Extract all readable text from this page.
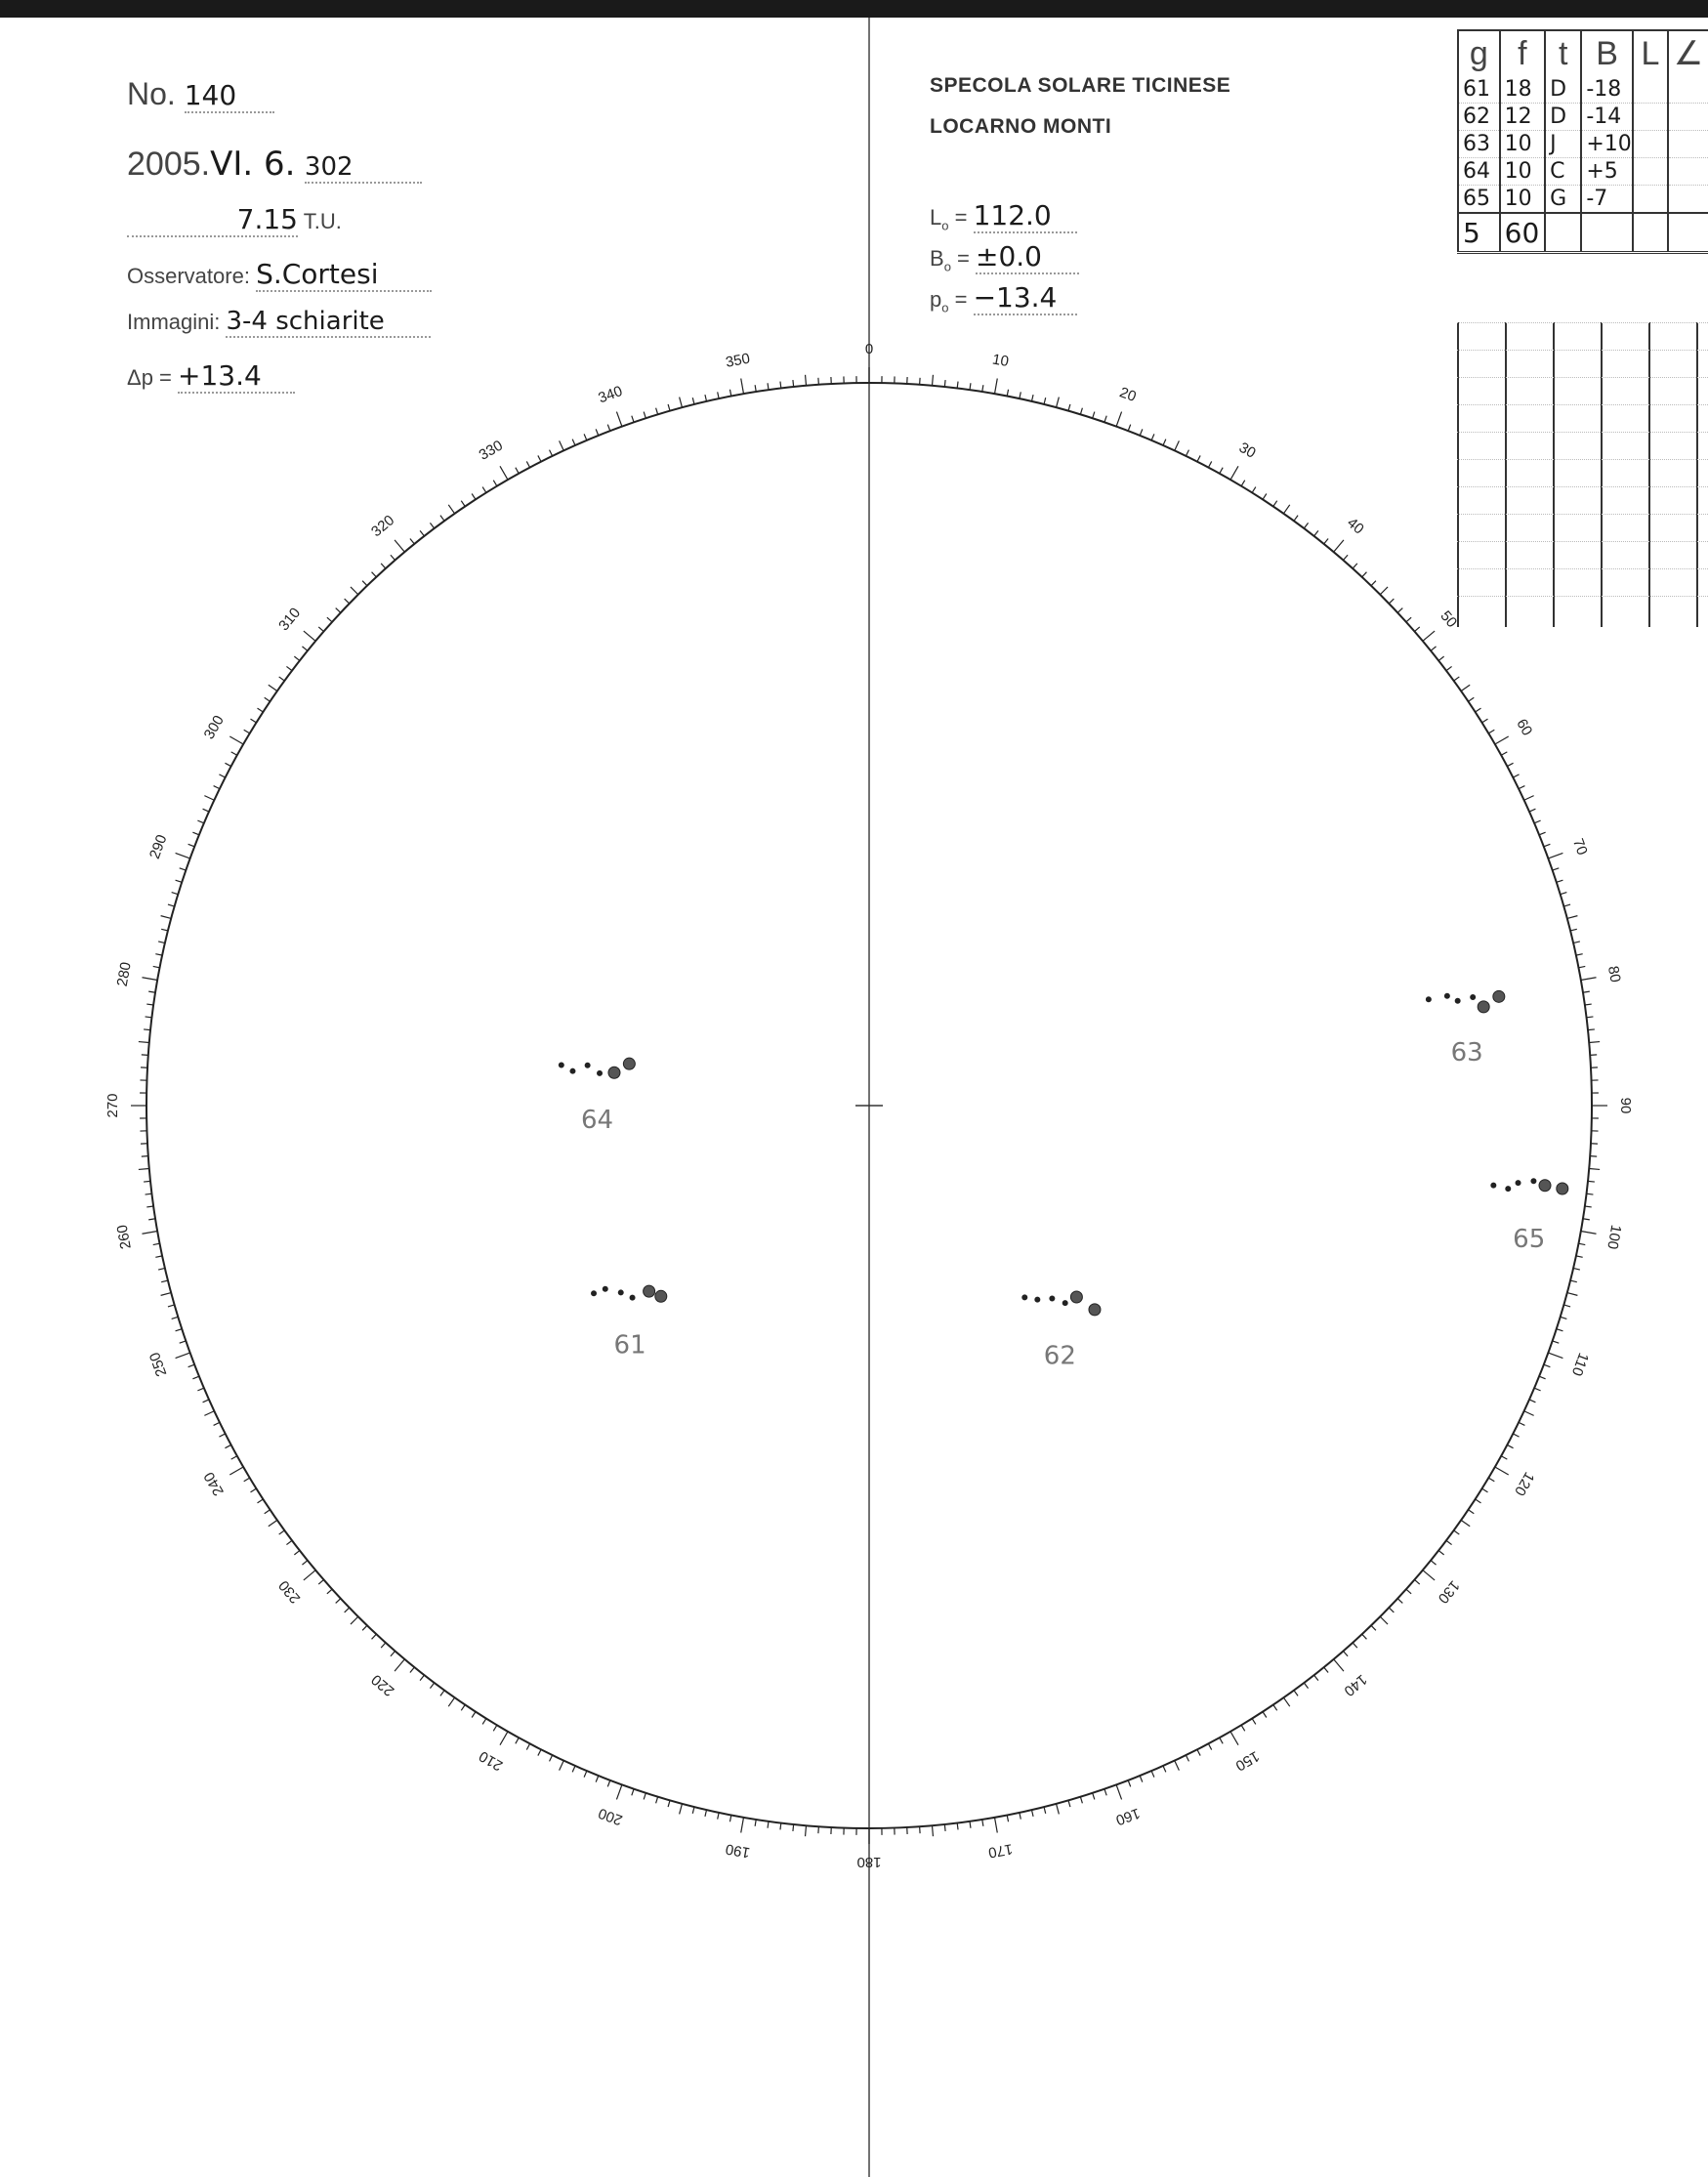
No. 140
2005.VI. 6. 302
7.15 T.U.
Osservatore: S.Cortesi
Immagini: 3-4 schiarite
Δp = +13.4
SPECOLA SOLARE TICINESE
LOCARNO MONTI
$L_o = 112.0$
$B_o = \pm 0.0$
$p_o = -13.4$
g	f	t	B	L	∠
61	18	D	-18		
62	12	D	-14		
63	10	J	+10		
64	10	C	+5		
65	10	G	-7		
5	60				
0
10
20
30
40
50
60
70
80
90
100
110
120
130
140
150
160
170
180
190
200
210
220
230
240
250
260
270
280
290
300
310
320
330
340
350
61	62
63
64
65
